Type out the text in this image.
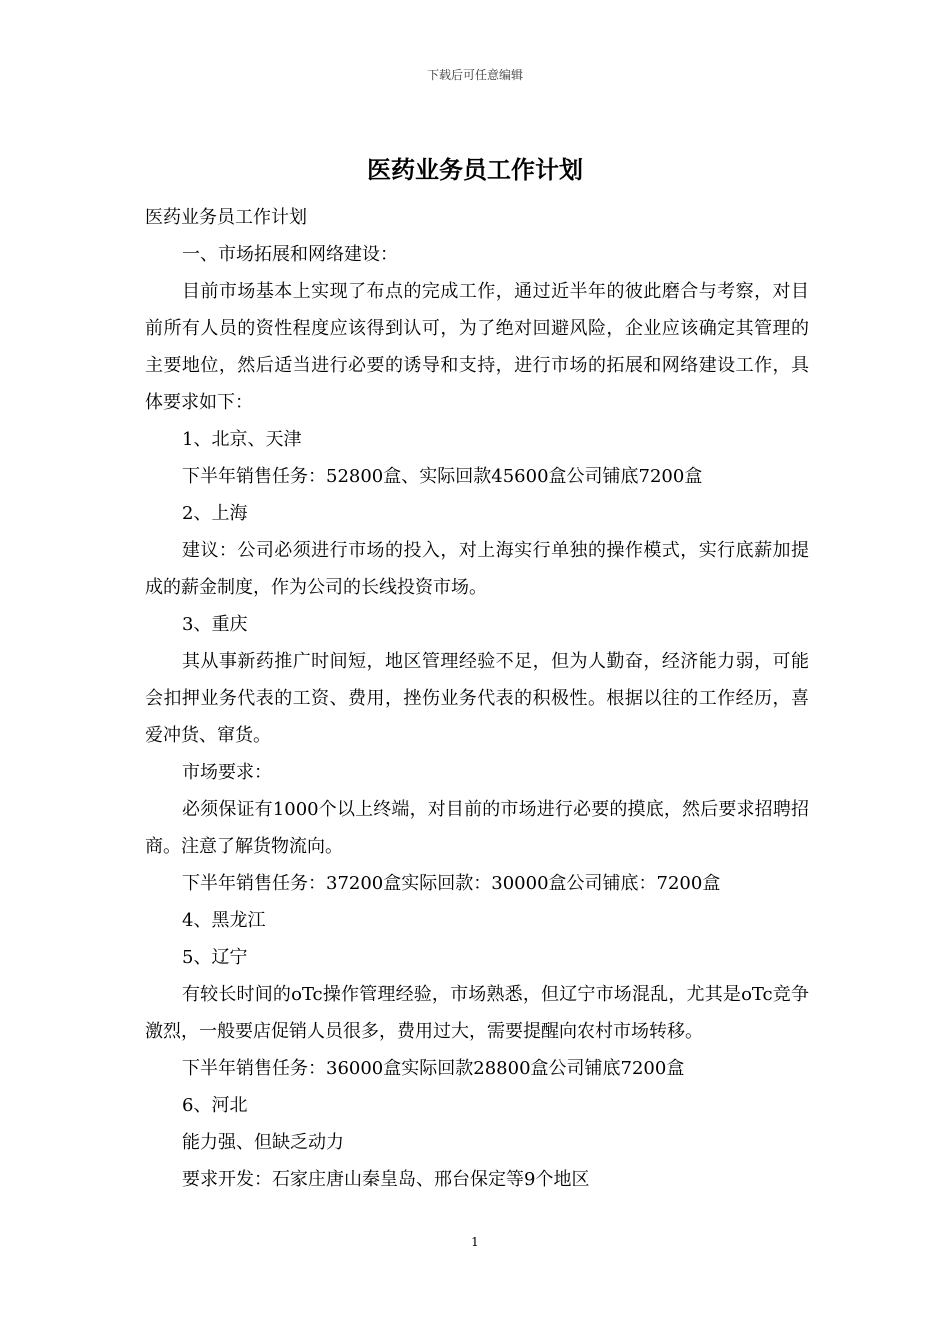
下载后可任意编辑
医药业务员工作计划

医药业务员工作计划

一、市场拓展和网络建设：

目前市场基本上实现了布点的完成工作，通过近半年的彼此磨合与考察，对目前所有人员的资性程度应该得到认可，为了绝对回避风险，企业应该确定其管理的主要地位，然后适当进行必要的诱导和支持，进行市场的拓展和网络建设工作，具体要求如下：

1、北京、天津

下半年销售任务：52800盒、实际回款45600盒公司铺底7200盒

2、上海

建议：公司必须进行市场的投入，对上海实行单独的操作模式，实行底薪加提成的薪金制度，作为公司的长线投资市场。

3、重庆

其从事新药推广时间短，地区管理经验不足，但为人勤奋，经济能力弱，可能会扣押业务代表的工资、费用，挫伤业务代表的积极性。根据以往的工作经历，喜爱冲货、窜货。

市场要求：

必须保证有1000个以上终端，对目前的市场进行必要的摸底，然后要求招聘招商。注意了解货物流向。

下半年销售任务：37200盒实际回款：30000盒公司铺底：7200盒

4、黑龙江

5、辽宁

有较长时间的oTc操作管理经验，市场熟悉，但辽宁市场混乱，尤其是oTc竞争激烈，一般要店促销人员很多，费用过大，需要提醒向农村市场转移。

下半年销售任务：36000盒实际回款28800盒公司铺底7200盒

6、河北

能力强、但缺乏动力

要求开发：石家庄唐山秦皇岛、邢台保定等9个地区

1
